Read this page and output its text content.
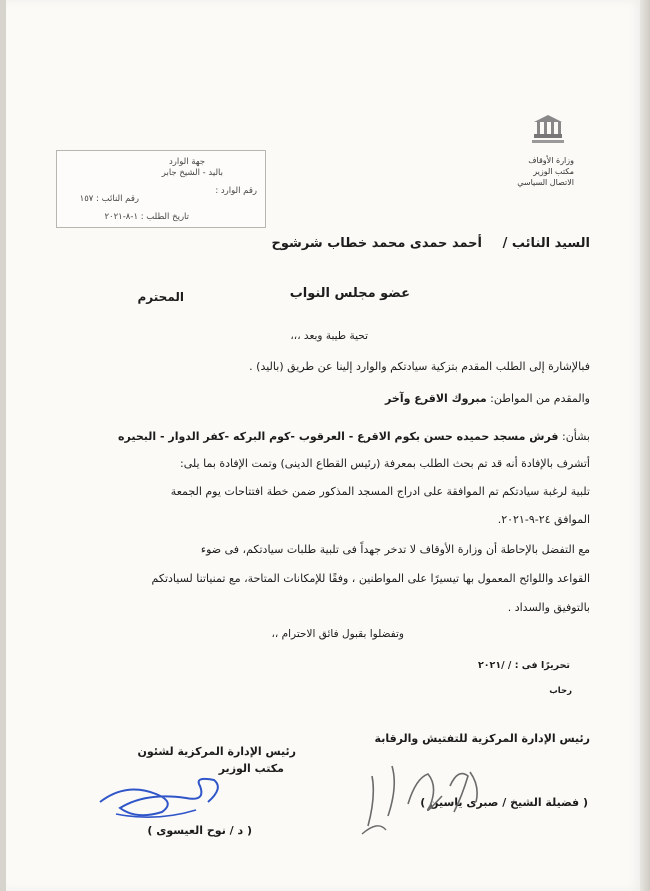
وزارة الأوقاف
مكتب الوزير
الاتصال السياسي
جهة الوارد
باليد - الشيخ جابر
رقم الوارد :
رقم النائب : ١٥٧
تاريخ الطلب : ١-٨-٢٠٢١
السيد النائب /
أحمد حمدى محمد خطاب شرشوح
عضو مجلس النواب
المحترم
تحية طيبة وبعد ،،،
فبالإشارة إلى الطلب المقدم بتزكية سيادتكم والوارد إلينا عن طريق (باليد) .
والمقدم من المواطن: مبروك الاقرع وآخر
بشأن: فرش مسجد حميده حسن بكوم الاقرع - العرقوب -كوم البركه -كفر الدوار - البحيره
أتشرف بالإفادة أنه قد تم بحث الطلب بمعرفة (رئيس القطاع الدينى) وتمت الإفادة بما يلى:
تلبية لرغبة سيادتكم تم الموافقة على ادراج المسجد المذكور ضمن خطة افتتاحات يوم الجمعة
الموافق ٢٤-٩-٢٠٢١.
مع التفضل بالإحاطة أن وزارة الأوقاف لا تدخر جهداً فى تلبية طلبات سيادتكم، فى ضوء
القواعد واللوائح المعمول بها تيسيرًا على المواطنين ، وفقًا للإمكانات المتاحة، مع تمنياتنا لسيادتكم
بالتوفيق والسداد .
وتفضلوا بقبول فائق الاحترام ،،
تحريرًا فى : / /٢٠٢١
رحاب
رئيس الإدارة المركزية للتفتيش والرقابة
( فضيلة الشيخ / صبرى ياسين )
رئيس الإدارة المركزية لشئون
مكتب الوزير
( د / نوح العيسوى )
